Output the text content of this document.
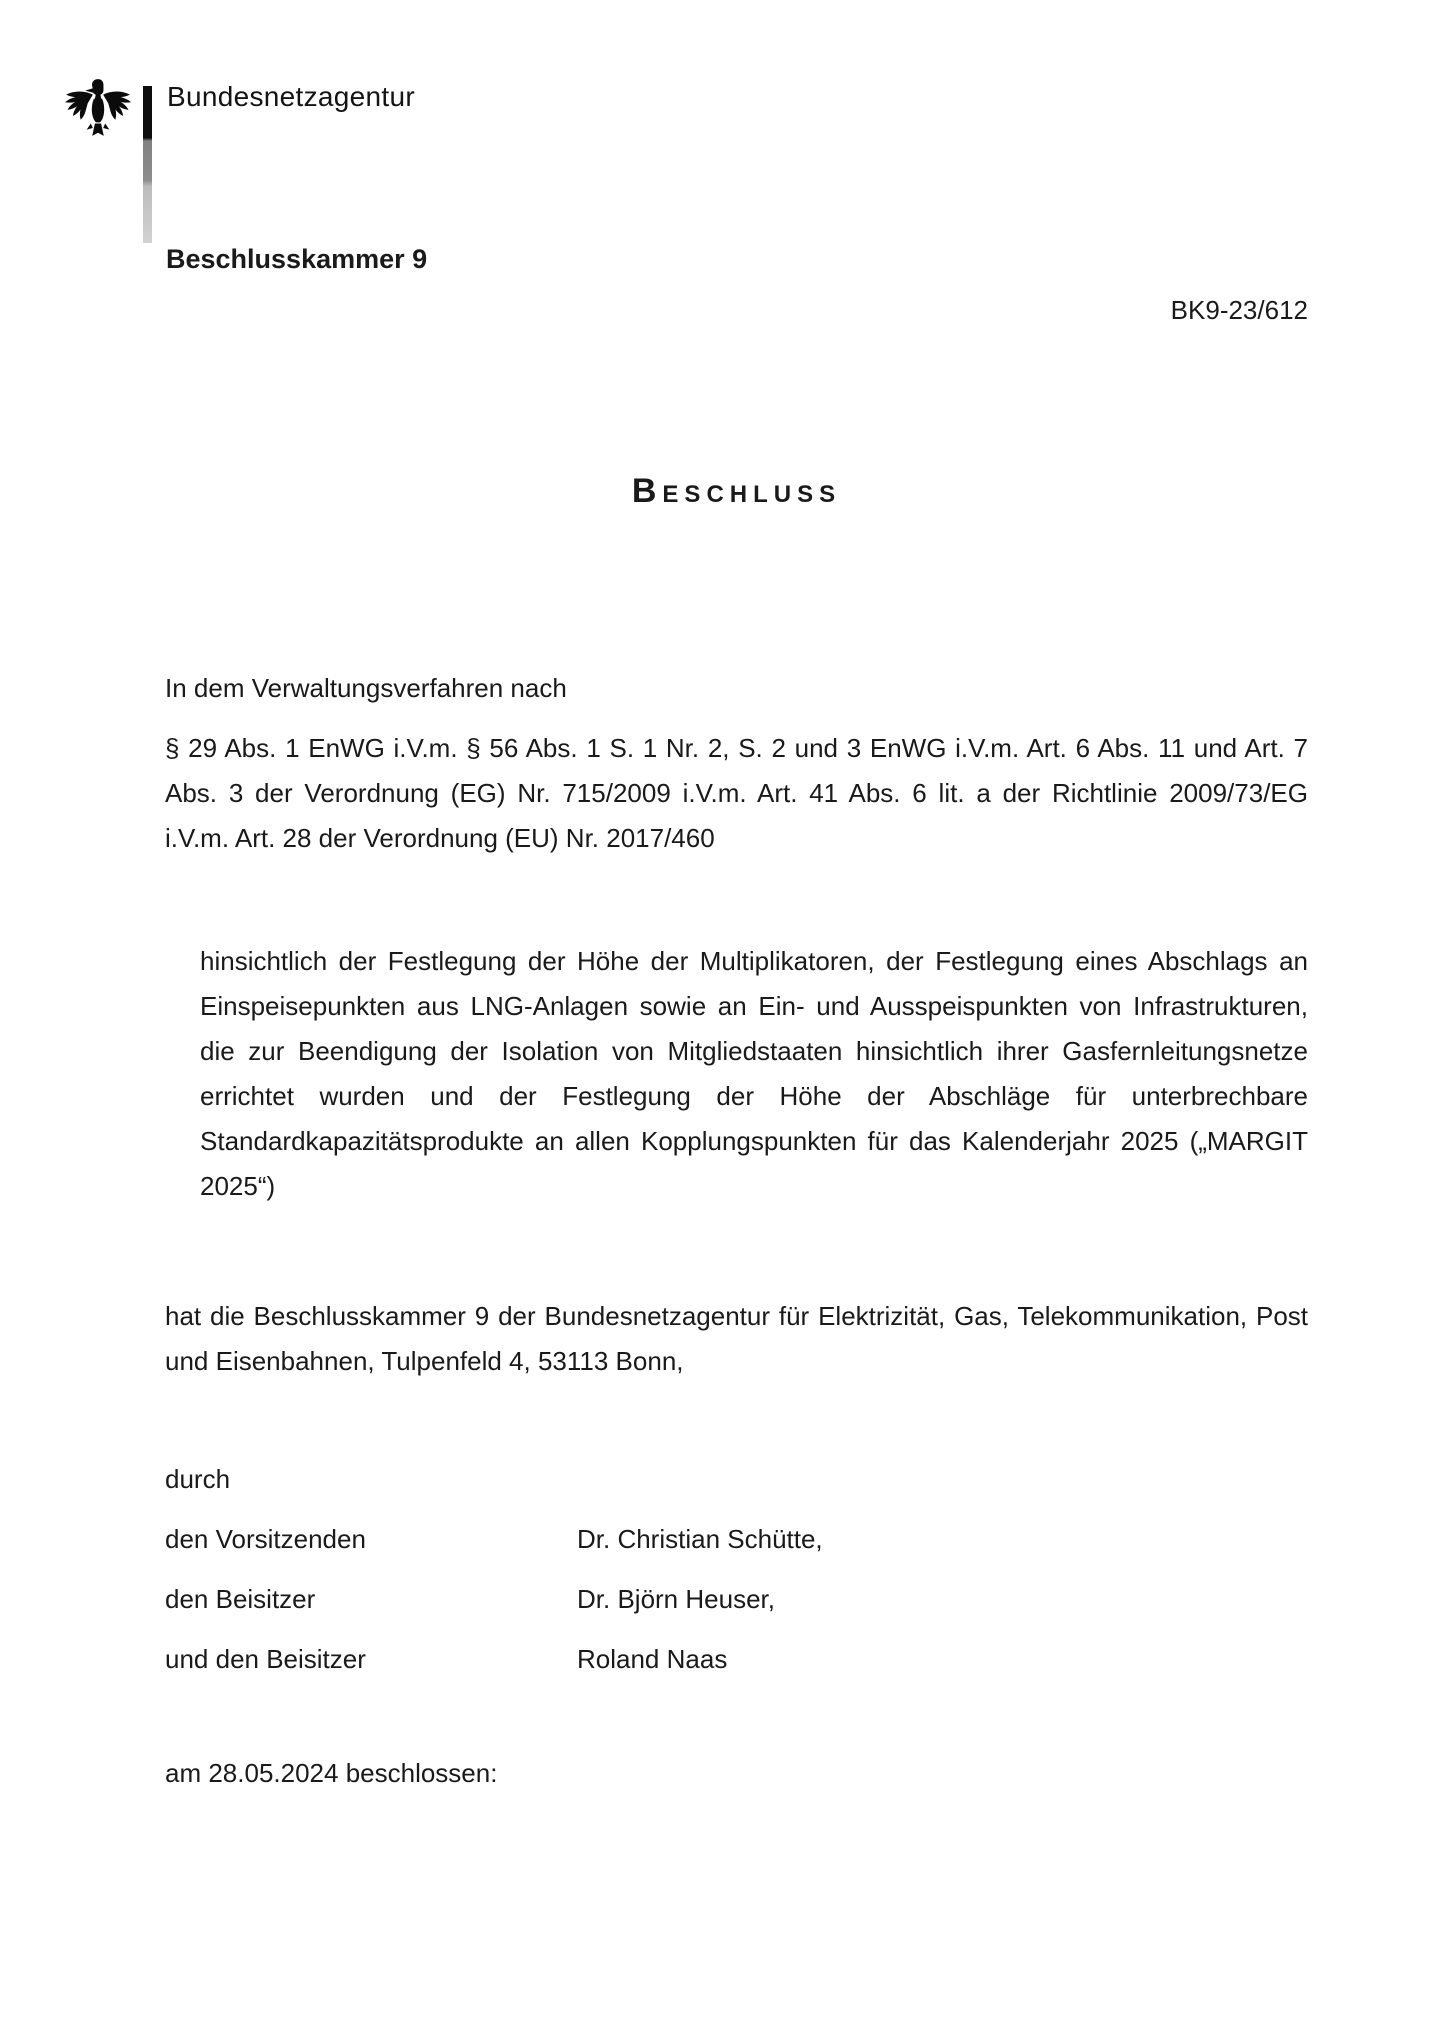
Bundesnetzagentur
Beschlusskammer 9
BK9-23/612
Beschluss
In dem Verwaltungsverfahren nach
§ 29 Abs. 1 EnWG i.V.m. § 56 Abs. 1 S. 1 Nr. 2, S. 2 und 3 EnWG i.V.m. Art. 6 Abs. 11 und Art. 7
Abs. 3 der Verordnung (EG) Nr. 715/2009 i.V.m. Art. 41 Abs. 6 lit. a der Richtlinie 2009/73/EG
i.V.m. Art. 28 der Verordnung (EU) Nr. 2017/460
hinsichtlich der Festlegung der Höhe der Multiplikatoren, der Festlegung eines Abschlags an
Einspeisepunkten aus LNG-Anlagen sowie an Ein- und Ausspeispunkten von Infrastrukturen,
die zur Beendigung der Isolation von Mitgliedstaaten hinsichtlich ihrer Gasfernleitungsnetze
errichtet wurden und der Festlegung der Höhe der Abschläge für unterbrechbare
Standardkapazitätsprodukte an allen Kopplungspunkten für das Kalenderjahr 2025 („MARGIT
2025“)
hat die Beschlusskammer 9 der Bundesnetzagentur für Elektrizität, Gas, Telekommunikation, Post
und Eisenbahnen, Tulpenfeld 4, 53113 Bonn,
durch
den Vorsitzenden	Dr. Christian Schütte,
den Beisitzer	Dr. Björn Heuser,
und den Beisitzer	Roland Naas
am 28.05.2024 beschlossen:
